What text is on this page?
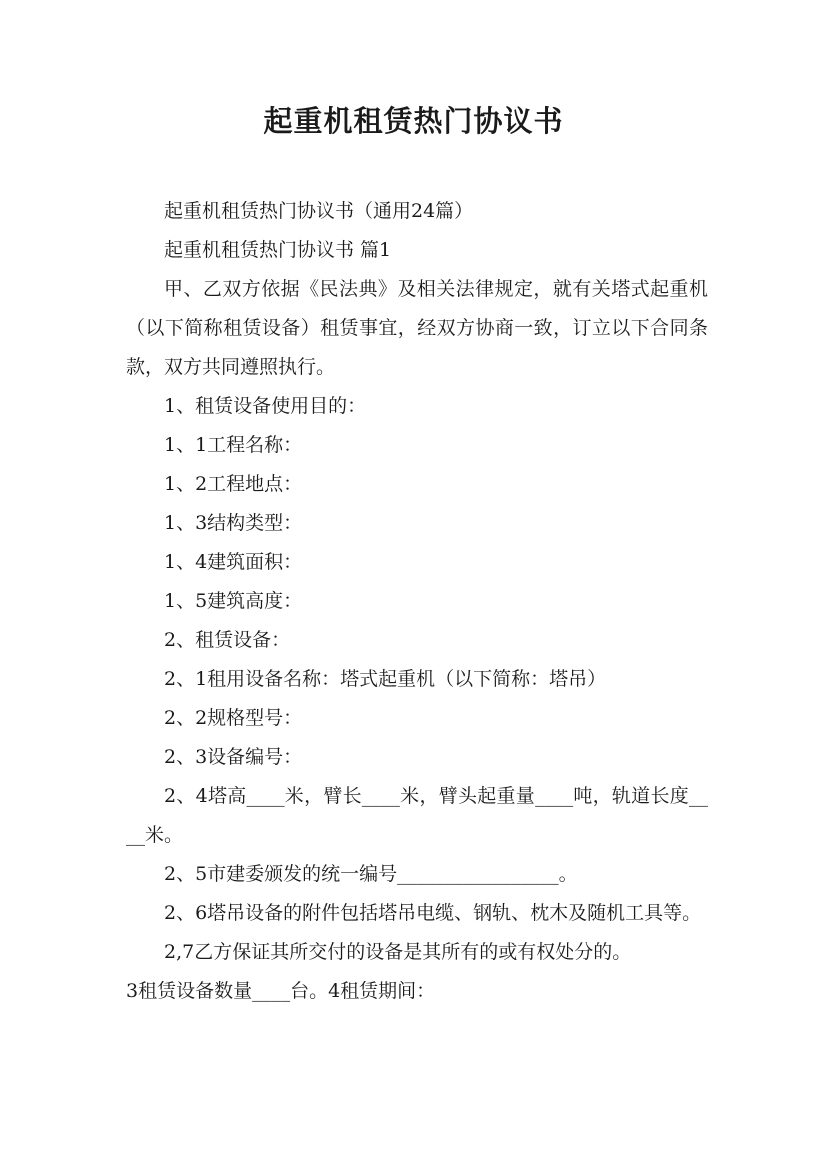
起重机租赁热门协议书

起重机租赁热门协议书（通用24篇）

起重机租赁热门协议书 篇1

甲、乙双方依据《民法典》及相关法律规定，就有关塔式起重机（以下简称租赁设备）租赁事宜，经双方协商一致，订立以下合同条款，双方共同遵照执行。

1、租赁设备使用目的：

1、1工程名称：

1、2工程地点：

1、3结构类型：

1、4建筑面积：

1、5建筑高度：

2、租赁设备：

2、1租用设备名称：塔式起重机（以下简称：塔吊）

2、2规格型号：

2、3设备编号：

2、4塔高____米，臂长____米，臂头起重量____吨，轨道长度____米。

2、5市建委颁发的统一编号_________________。

2、6塔吊设备的附件包括塔吊电缆、钢轨、枕木及随机工具等。

2,7乙方保证其所交付的设备是其所有的或有权处分的。

3租赁设备数量____台。4租赁期间：
